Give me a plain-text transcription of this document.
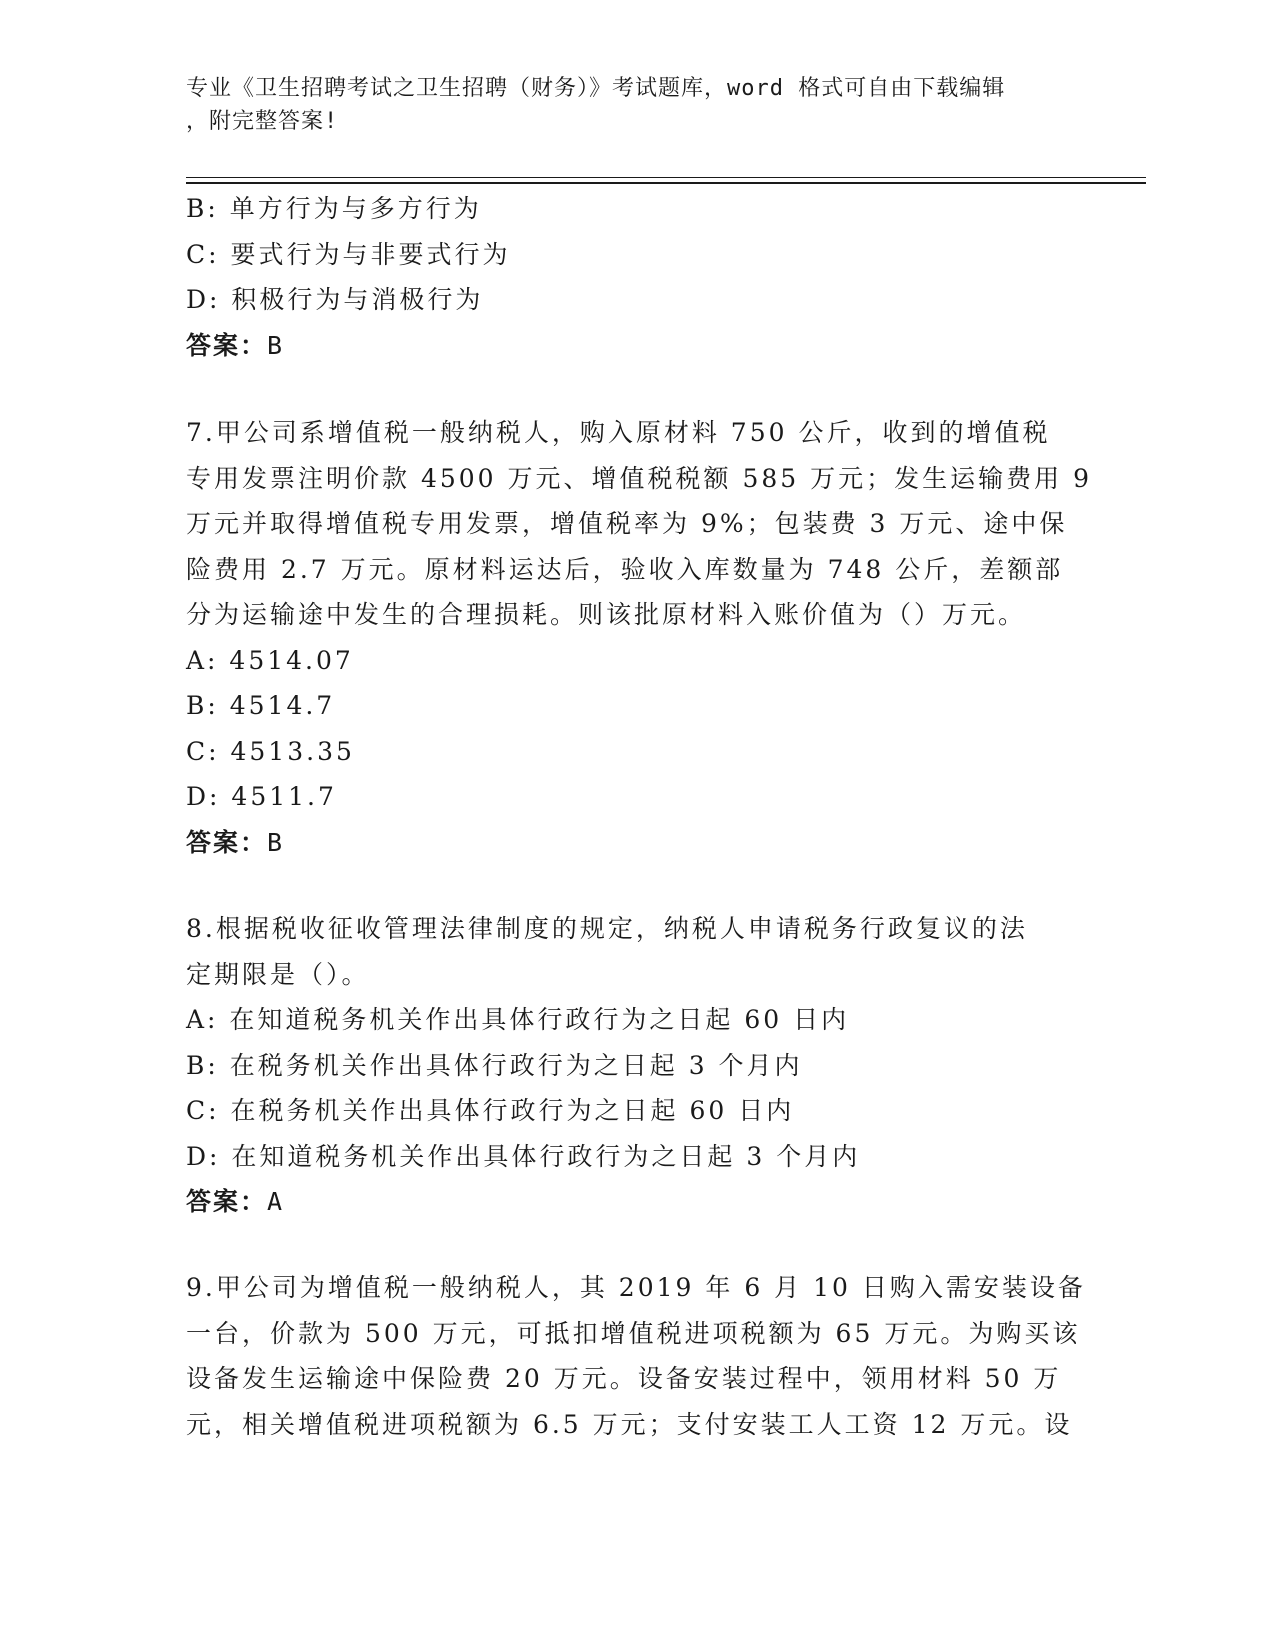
专业《卫生招聘考试之卫生招聘（财务）》考试题库，word 格式可自由下载编辑
，附完整答案!
B: 单方行为与多方行为
C: 要式行为与非要式行为
D: 积极行为与消极行为
答案：B
7.甲公司系增值税一般纳税人，购入原材料 750 公斤，收到的增值税
专用发票注明价款 4500 万元、增值税税额 585 万元；发生运输费用 9
万元并取得增值税专用发票，增值税率为 9%；包装费 3 万元、途中保
险费用 2.7 万元。原材料运达后，验收入库数量为 748 公斤，差额部
分为运输途中发生的合理损耗。则该批原材料入账价值为（）万元。
A: 4514.07
B: 4514.7
C: 4513.35
D: 4511.7
答案：B
8.根据税收征收管理法律制度的规定，纳税人申请税务行政复议的法
定期限是（）。
A: 在知道税务机关作出具体行政行为之日起 60 日内
B: 在税务机关作出具体行政行为之日起 3 个月内
C: 在税务机关作出具体行政行为之日起 60 日内
D: 在知道税务机关作出具体行政行为之日起 3 个月内
答案：A
9.甲公司为增值税一般纳税人，其 2019 年 6 月 10 日购入需安装设备
一台，价款为 500 万元，可抵扣增值税进项税额为 65 万元。为购买该
设备发生运输途中保险费 20 万元。设备安装过程中，领用材料 50 万
元，相关增值税进项税额为 6.5 万元；支付安装工人工资 12 万元。设
